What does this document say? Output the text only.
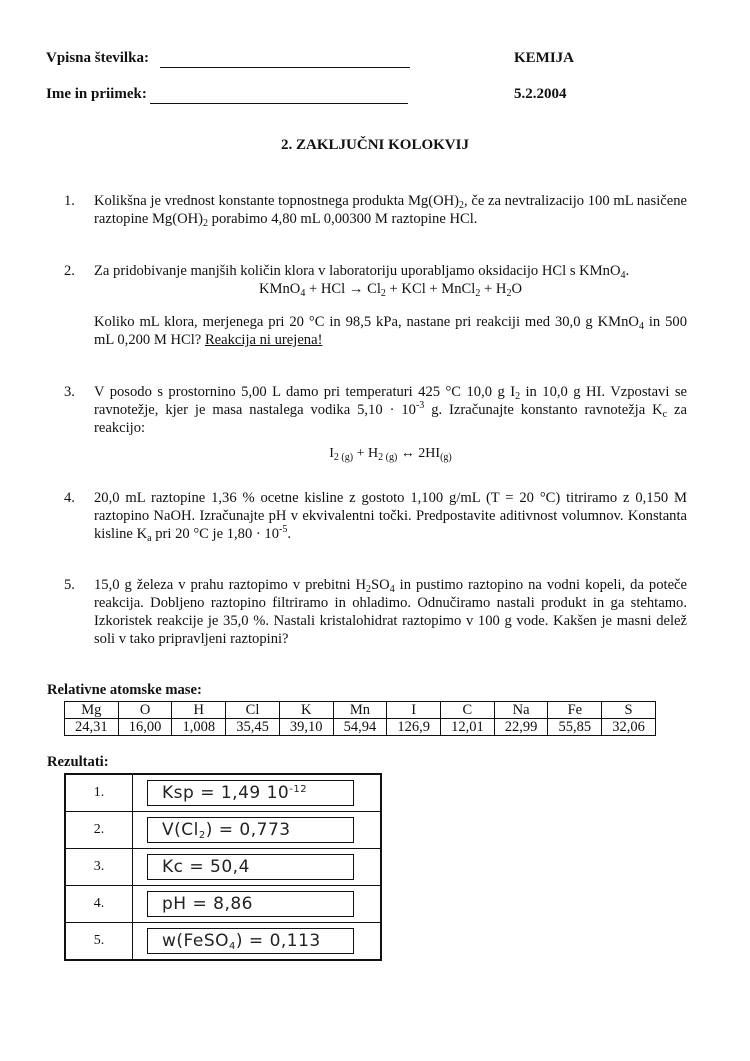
Vpisna številka:	KEMIJA
Ime in priimek:	5.2.2004
2. ZAKLJUČNI KOLOKVIJ
1. Kolikšna je vrednost konstante topnostnega produkta $Mg(OH)_2$, če za nevtralizacijo 100 mL nasičene raztopine $Mg(OH)_2$ porabimo 4,80 mL 0,00300 M raztopine HCl.
2. Za pridobivanje manjših količin klora v laboratoriju uporabljamo oksidacijo HCl s KMnO$_4$.
KMnO$_4$ + HCl → $Cl_2$ + KCl + MnCl$_2$ + $H_2O$
Koliko mL klora, merjenega pri 20 °C in 98,5 kPa, nastane pri reakciji med 30,0 g KMnO$_4$ in 500 mL 0,200 M HCl? Reakcija ni urejena!
3. V posodo s prostornino 5,00 L damo pri temperaturi 425 °C 10,0 g $I_2$ in 10,0 g HI. Vzpostavi se ravnotežje, kjer je masa nastalega vodika $5,10 \cdot 10^{-3}$ g. Izračunajte konstanto ravnotežja $K_c$ za reakcijo:
$I_{2 (g)} + H_{2 (g)}$ ↔ $2HI_{(g)}$
4. 20,0 mL raztopine 1,36 % ocetne kisline z gostoto 1,100 g/mL (T = 20 °C) titriramo z 0,150 M raztopino NaOH. Izračunajte pH v ekvivalentni točki. Predpostavite aditivnost volumnov. Konstanta kisline $K_a$ pri 20 °C je $1,80 \cdot 10^{-5}$.
5. 15,0 g železa v prahu raztopimo v prebitni $H_2SO_4$ in pustimo raztopino na vodni kopeli, da poteče reakcija. Dobljeno raztopino filtriramo in ohladimo. Odnučiramo nastali produkt in ga stehtamo. Izkoristek reakcije je 35,0 %. Nastali kristalohidrat raztopimo v 100 g vode. Kakšen je masni delež soli v tako pripravljeni raztopini?
Relativne atomske mase:
Mg	O	H	Cl	K	Mn	I	C	Na	Fe	S
24,31	16,00	1,008	35,45	39,10	54,94	126,9	12,01	22,99	55,85	32,06
Rezultati:
1.	Ksp = 1,49 $10^{-12}$

2.	$V(Cl_2) = 0,773$

3.	Kc = 50,4

4.	pH = 8,86

5.	w(FeSO$_4$) = 0,113
